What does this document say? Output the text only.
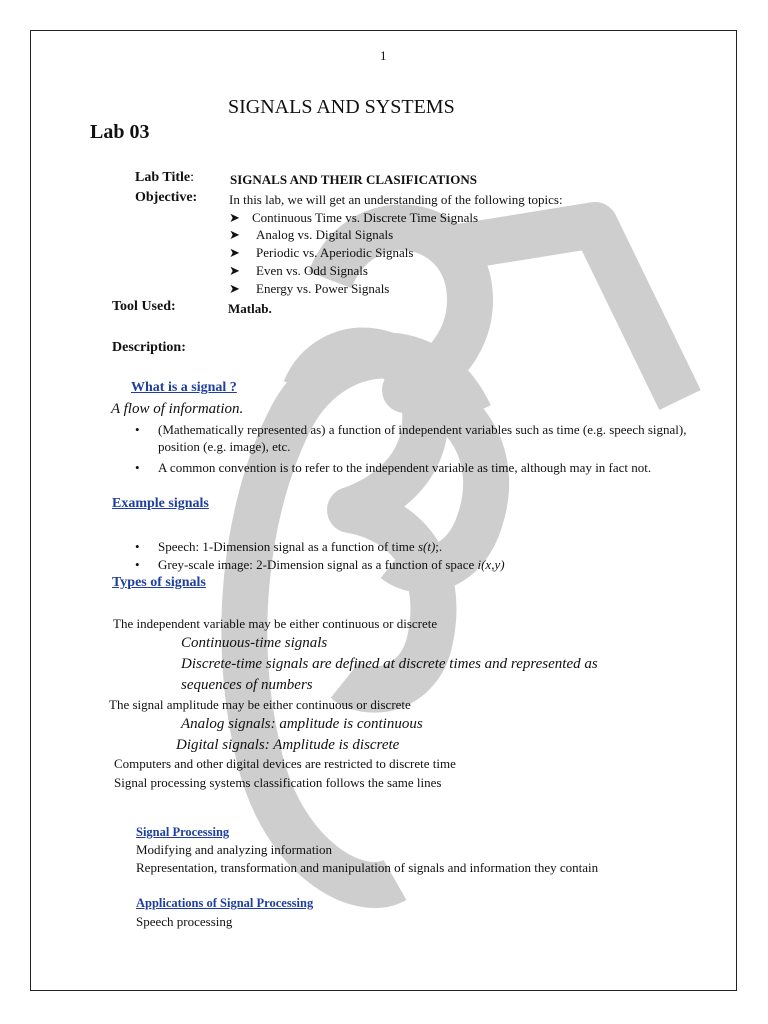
1
SIGNALS AND SYSTEMS
Lab 03
Lab Title:	SIGNALS AND THEIR CLASIFICATIONS
Objective: In this lab, we will get an understanding of the following topics:
➤ Continuous Time vs. Discrete Time Signals
➤ Analog vs. Digital Signals
➤ Periodic vs. Aperiodic Signals
➤ Even vs. Odd Signals
➤ Energy vs. Power Signals
Tool Used:	Matlab.
Description:
What is a signal ?
A flow of information.
• (Mathematically represented as) a function of independent variables such as time (e.g. speech signal), position (e.g. image), etc.
• A common convention is to refer to the independent variable as time, although may in fact not.
Example signals
• Speech: 1-Dimension signal as a function of time s(t);.
• Grey-scale image: 2-Dimension signal as a function of space i(x,y)
Types of signals
The independent variable may be either continuous or discrete
Continuous-time signals
Discrete-time signals are defined at discrete times and represented as
sequences of numbers
The signal amplitude may be either continuous or discrete
Analog signals: amplitude is continuous
Digital signals: Amplitude is discrete
Computers and other digital devices are restricted to discrete time
Signal processing systems classification follows the same lines
Signal Processing
Modifying and analyzing information
Representation, transformation and manipulation of signals and information they contain
Applications of Signal Processing
Speech processing
